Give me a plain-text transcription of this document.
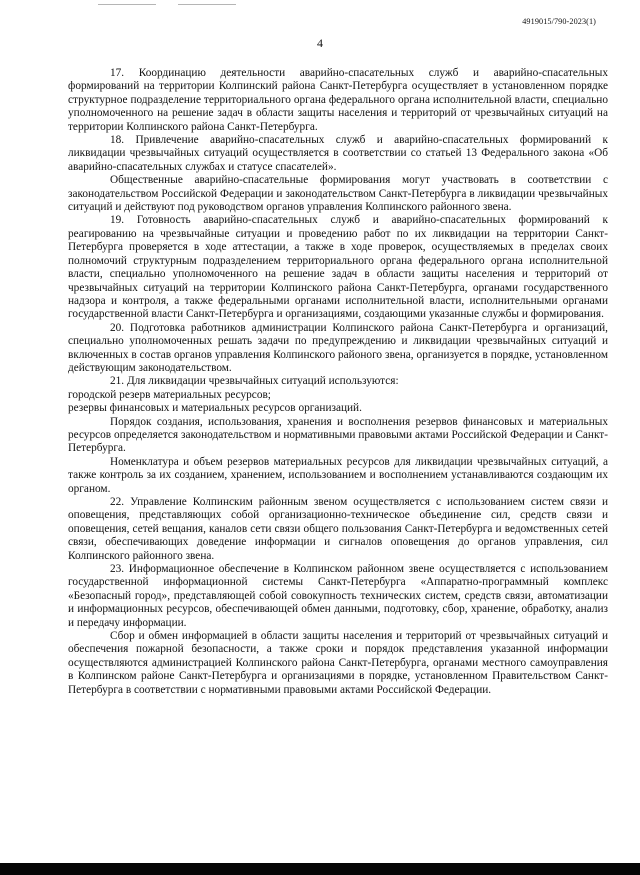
4919015/790-2023(1)
4

17. Координацию деятельности аварийно-спасательных служб и аварийно-спасательных формирований на территории Колпинский района Санкт-Петербурга осуществляет в установленном порядке структурное подразделение территориального органа федерального органа исполнительной власти, специально уполномоченного на решение задач в области защиты населения и территорий от чрезвычайных ситуаций на территории Колпинского района Санкт-Петербурга.

18. Привлечение аварийно-спасательных служб и аварийно-спасательных формирований к ликвидации чрезвычайных ситуаций осуществляется в соответствии со статьей 13 Федерального закона «Об аварийно-спасательных службах и статусе спасателей».

Общественные аварийно-спасательные формирования могут участвовать в соответствии с законодательством Российской Федерации и законодательством Санкт-Петербурга в ликвидации чрезвычайных ситуаций и действуют под руководством органов управления Колпинского районного звена.

19. Готовность аварийно-спасательных служб и аварийно-спасательных формирований к реагированию на чрезвычайные ситуации и проведению работ по их ликвидации на территории Санкт-Петербурга проверяется в ходе аттестации, а также в ходе проверок, осуществляемых в пределах своих полномочий структурным подразделением территориального органа федерального органа исполнительной власти, специально уполномоченного на решение задач в области защиты населения и территорий от чрезвычайных ситуаций на территории Колпинского района Санкт-Петербурга, органами государственного надзора и контроля, а также федеральными органами исполнительной власти, исполнительными органами государственной власти Санкт-Петербурга и организациями, создающими указанные службы и формирования.

20. Подготовка работников администрации Колпинского района Санкт-Петербурга и организаций, специально уполномоченных решать задачи по предупреждению и ликвидации чрезвычайных ситуаций и включенных в состав органов управления Колпинского районого звена, организуется в порядке, установленном действующим законодательством.

21. Для ликвидации чрезвычайных ситуаций используются:

городской резерв материальных ресурсов;

резервы финансовых и материальных ресурсов организаций.

Порядок создания, использования, хранения и восполнения резервов финансовых и материальных ресурсов определяется законодательством и нормативными правовыми актами Российской Федерации и Санкт-Петербурга.

Номенклатура и объем резервов материальных ресурсов для ликвидации чрезвычайных ситуаций, а также контроль за их созданием, хранением, использованием и восполнением устанавливаются создающим их органом.

22. Управление Колпинским районным звеном осуществляется с использованием систем связи и оповещения, представляющих собой организационно-техническое объединение сил, средств связи и оповещения, сетей вещания, каналов сети связи общего пользования Санкт-Петербурга и ведомственных сетей связи, обеспечивающих доведение информации и сигналов оповещения до органов управления, сил Колпинского районного звена.

23. Информационное обеспечение в Колпинском районном звене осуществляется с использованием государственной информационной системы Санкт-Петербурга «Аппаратно-программный комплекс «Безопасный город», представляющей собой совокупность технических систем, средств связи, автоматизации и информационных ресурсов, обеспечивающей обмен данными, подготовку, сбор, хранение, обработку, анализ и передачу информации.

Сбор и обмен информацией в области защиты населения и территорий от чрезвычайных ситуаций и обеспечения пожарной безопасности, а также сроки и порядок представления указанной информации осуществляются администрацией Колпинского района Санкт-Петербурга, органами местного самоуправления в Колпинском районе Санкт-Петербурга и организациями в порядке, установленном Правительством Санкт-Петербурга в соответствии с нормативными правовыми актами Российской Федерации.
